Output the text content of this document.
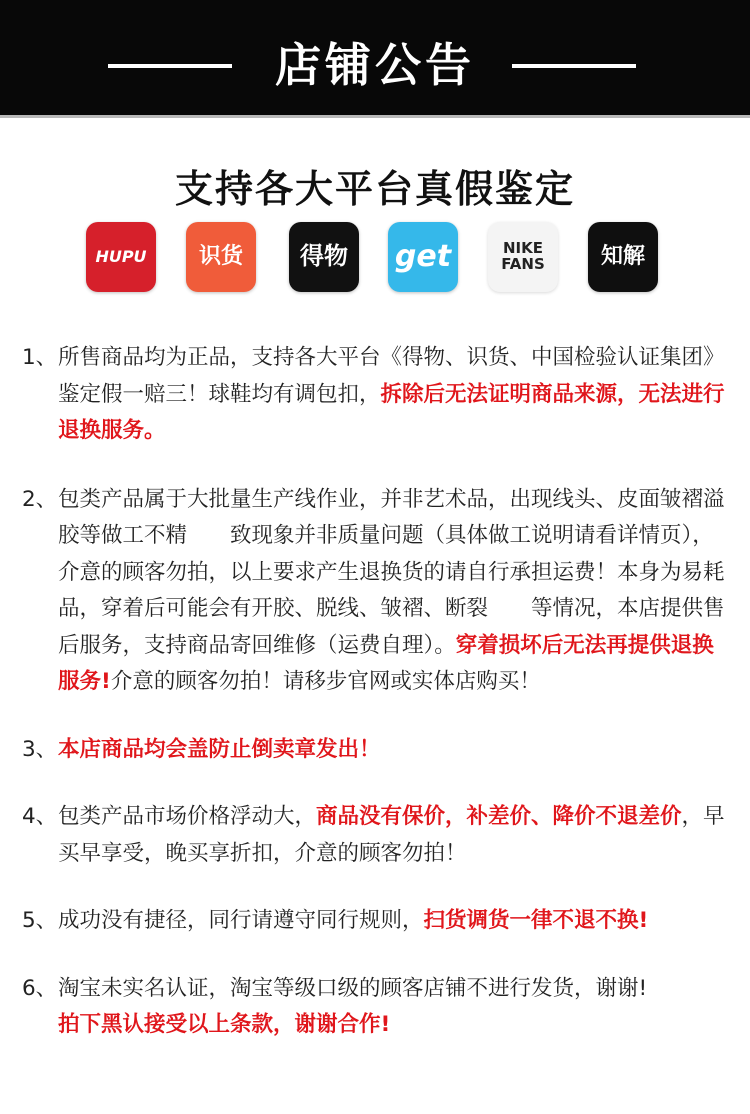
店铺公告
支持各大平台真假鉴定
HUPU	识货	得物	get	NIKE FANS	知解
1、 所售商品均为正品，支持各大平台《得物、识货、中国检验认证集团》鉴定假一赔三！球鞋均有调包扣，拆除后无法证明商品来源，无法进行退换服务。
2、 包类产品属于大批量生产线作业，并非艺术品，出现线头、皮面皱褶溢胶等做工不精　　致现象并非质量问题（具体做工说明请看详情页），介意的顾客勿拍，以上要求产生退换货的请自行承担运费！本身为易耗品，穿着后可能会有开胶、脱线、皱褶、断裂　　等情况，本店提供售后服务，支持商品寄回维修（运费自理）。穿着损坏后无法再提供退换服务!介意的顾客勿拍！请移步官网或实体店购买！
3、 本店商品均会盖防止倒卖章发出！
4、 包类产品市场价格浮动大，商品没有保价，补差价、降价不退差价，早买早享受，晚买享折扣，介意的顾客勿拍！
5、 成功没有捷径，同行请遵守同行规则，扫货调货一律不退不换!
6、 淘宝未实名认证，淘宝等级口级的顾客店铺不进行发货，谢谢!
拍下黑认接受以上条款，谢谢合作!
